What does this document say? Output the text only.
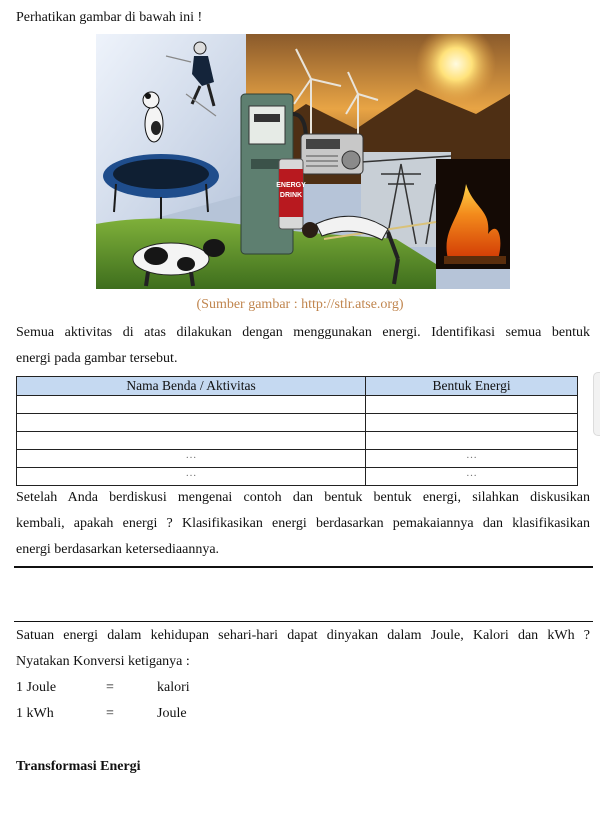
Perhatikan gambar di bawah ini !
ENERGY
DRINK
(Sumber gambar : http://stlr.atse.org)
Semua aktivitas di atas dilakukan dengan menggunakan energi. Identifikasi semua bentuk
energi pada gambar tersebut.
Nama Benda / Aktivitas	Bentuk Energi

…	…
…	…
Setelah Anda berdiskusi mengenai contoh dan bentuk bentuk energi, silahkan diskusikan
kembali, apakah energi ? Klasifikasikan energi berdasarkan pemakaiannya dan klasifikasikan
energi berdasarkan ketersediaannya.
Satuan energi dalam kehidupan sehari-hari dapat dinyakan dalam Joule, Kalori dan kWh ?
Nyatakan Konversi ketiganya :
1 Joule	=	kalori
1 kWh	=	Joule
Transformasi Energi
